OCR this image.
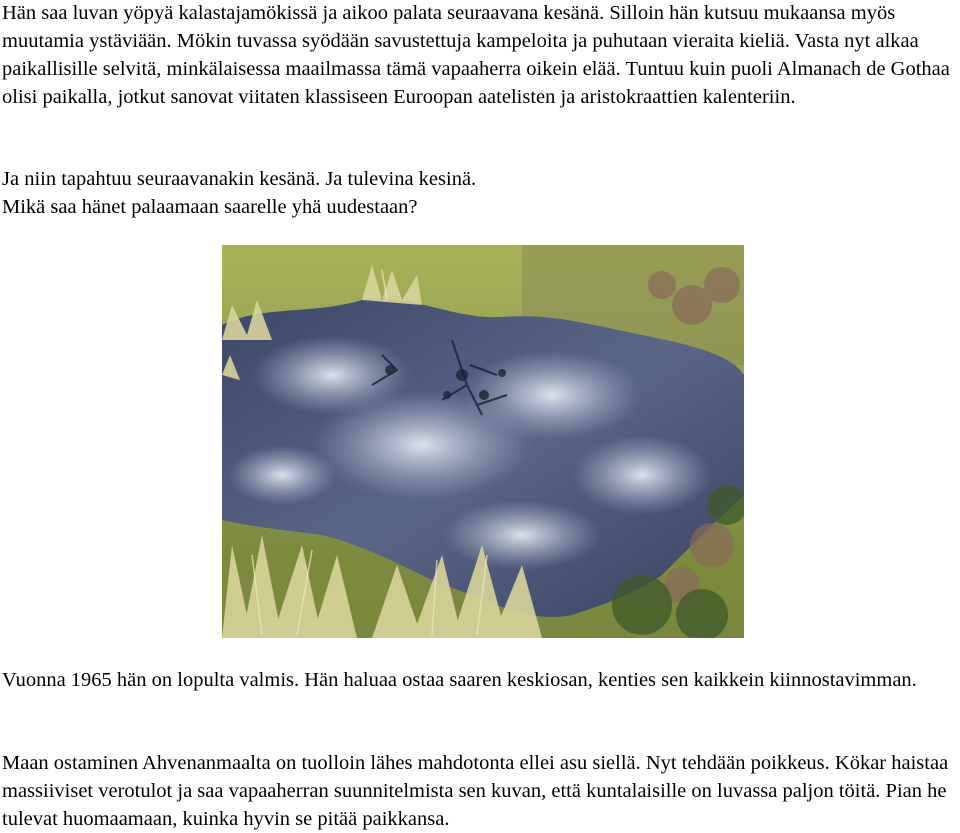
Hän saa luvan yöpyä kalastajamökissä ja aikoo palata seuraavana kesänä. Silloin hän kutsuu mukaansa myös muutamia ystäviään. Mökin tuvassa syödään savustettuja kampeloita ja puhutaan vieraita kieliä. Vasta nyt alkaa paikallisille selvitä, minkälaisessa maailmassa tämä vapaaherra oikein elää. Tuntuu kuin puoli Almanach de Gothaa olisi paikalla, jotkut sanovat viitaten klassiseen Euroopan aatelisten ja aristokraattien kalenteriin.

Ja niin tapahtuu seuraavanakin kesänä. Ja tulevina kesinä.
Mikä saa hänet palaamaan saarelle yhä uudestaan?

Vuonna 1965 hän on lopulta valmis. Hän haluaa ostaa saaren keskiosan, kenties sen kaikkein kiinnostavimman.

Maan ostaminen Ahvenanmaalta on tuolloin lähes mahdotonta ellei asu siellä. Nyt tehdään poikkeus. Kökar haistaa massiiviset verotulot ja saa vapaaherran suunnitelmista sen kuvan, että kuntalaisille on luvassa paljon töitä. Pian he tulevat huomaamaan, kuinka hyvin se pitää paikkansa.
